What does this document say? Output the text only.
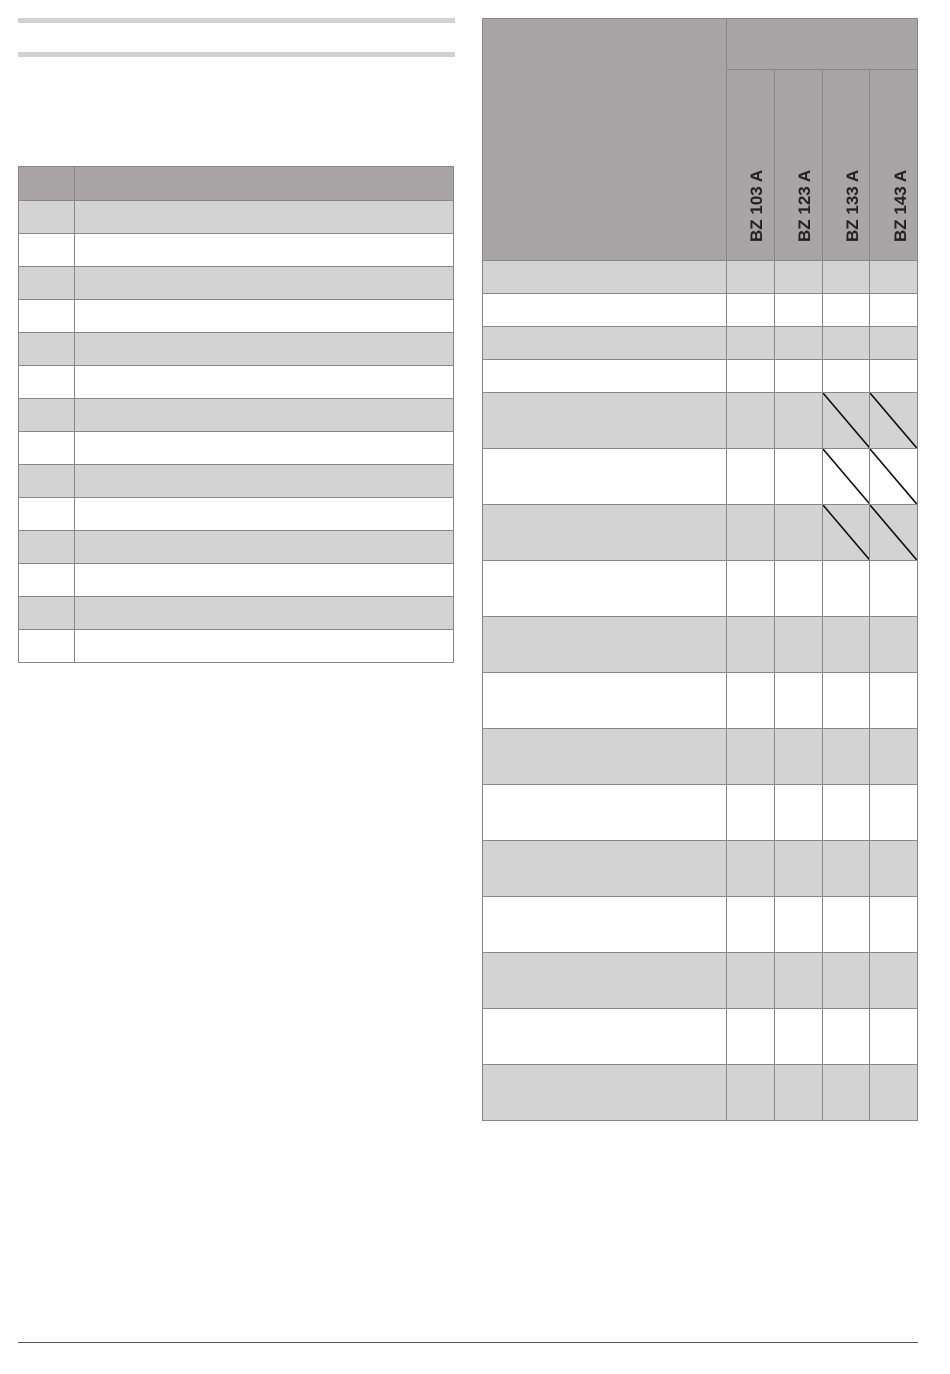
	BZ 103 A	BZ 123 A	BZ 133 A	BZ 143 A
